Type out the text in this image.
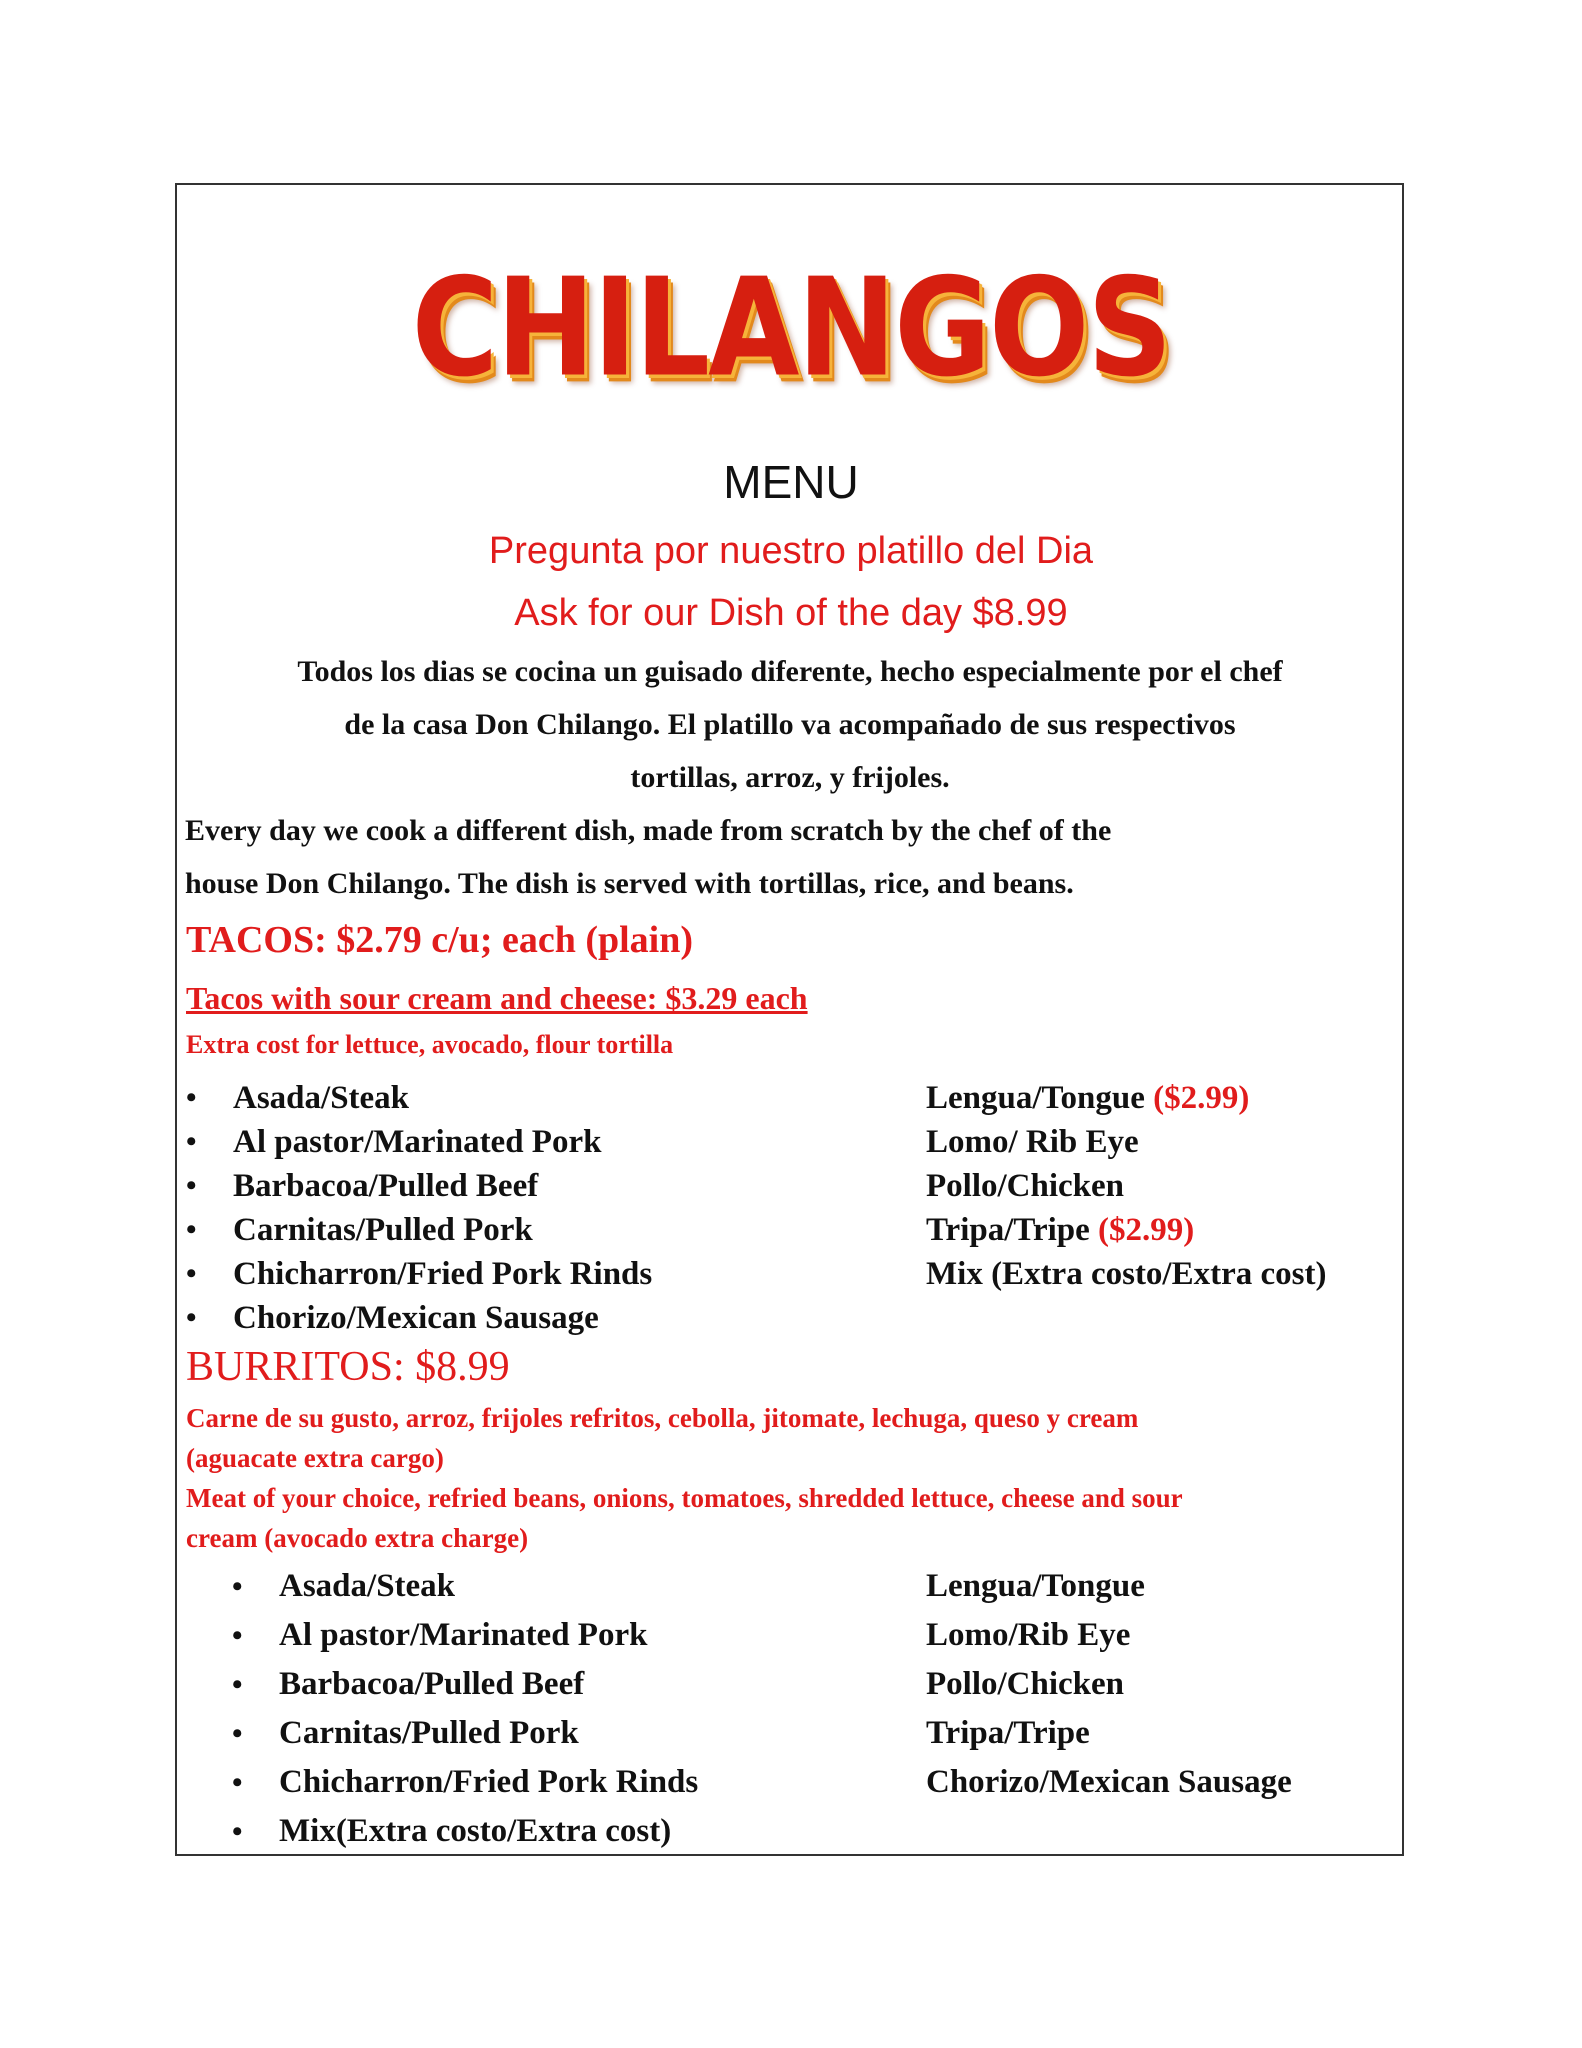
CHILANGOS
MENU
Pregunta por nuestro platillo del Dia
Ask for our Dish of the day $8.99
Todos los dias se cocina un guisado diferente, hecho especialmente por el chef
de la casa Don Chilango. El platillo va acompañado de sus respectivos
tortillas, arroz, y frijoles.
Every day we cook a different dish, made from scratch by the chef of the
house Don Chilango. The dish is served with tortillas, rice, and beans.
TACOS: $2.79 c/u; each (plain)
Tacos with sour cream and cheese: $3.29 each
Extra cost for lettuce, avocado, flour tortilla
• Asada/Steak
• Al pastor/Marinated Pork
• Barbacoa/Pulled Beef
• Carnitas/Pulled Pork
• Chicharron/Fried Pork Rinds
• Chorizo/Mexican Sausage
Lengua/Tongue ($2.99)
Lomo/ Rib Eye
Pollo/Chicken
Tripa/Tripe ($2.99)
Mix (Extra costo/Extra cost)
BURRITOS: $8.99
Carne de su gusto, arroz, frijoles refritos, cebolla, jitomate, lechuga, queso y cream
(aguacate extra cargo)
Meat of your choice, refried beans, onions, tomatoes, shredded lettuce, cheese and sour
cream (avocado extra charge)
• Asada/Steak
• Al pastor/Marinated Pork
• Barbacoa/Pulled Beef
• Carnitas/Pulled Pork
• Chicharron/Fried Pork Rinds
• Mix(Extra costo/Extra cost)
Lengua/Tongue
Lomo/Rib Eye
Pollo/Chicken
Tripa/Tripe
Chorizo/Mexican Sausage
